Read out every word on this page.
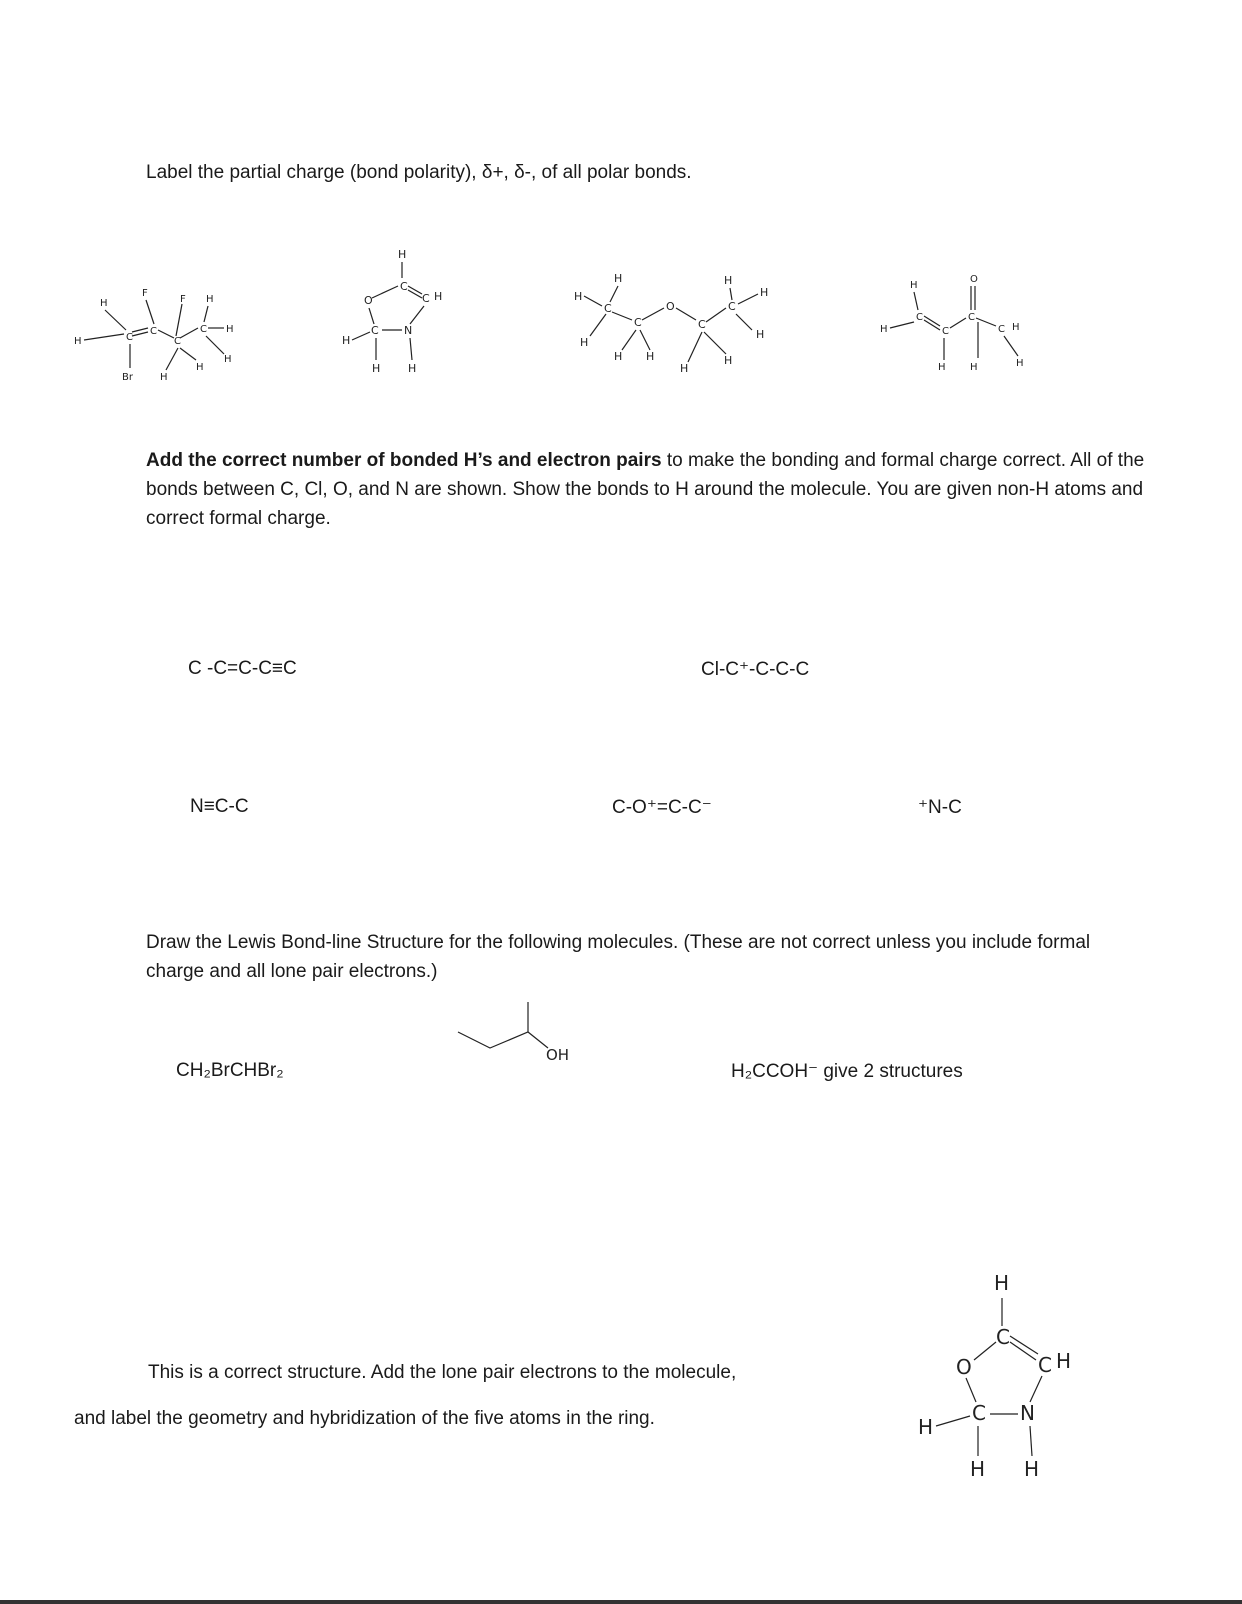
Label the partial charge (bond polarity), δ+, δ-, of all polar bonds.
H
H	C
C
F
F H
C
C H
Br	H
H
H
H
C
O	C H
H
C N
H	H
H
H
C
H
C
O
H H
C
C
H
H
H
H
H
H
H
C
C
O
C
C H
H H	H
Add the correct number of bonded H’s and electron pairs to make the bonding and formal charge correct. All of the bonds between C, Cl, O, and N are shown. Show the bonds to H around the molecule. You are given non-H atoms and correct formal charge.
C -C=C-C≡C	Cl-C⁺-C-C-C
N≡C-C	C-O⁺=C-C⁻	⁺N-C
Draw the Lewis Bond-line Structure for the following molecules. (These are not correct unless you include formal charge and all lone pair electrons.)
CH₂BrCHBr₂
OH
H₂CCOH⁻ give 2 structures
This is a correct structure. Add the lone pair electrons to the molecule,
and label the geometry and hybridization of the five atoms in the ring.
H
C
O	C H
H
C N
H H
